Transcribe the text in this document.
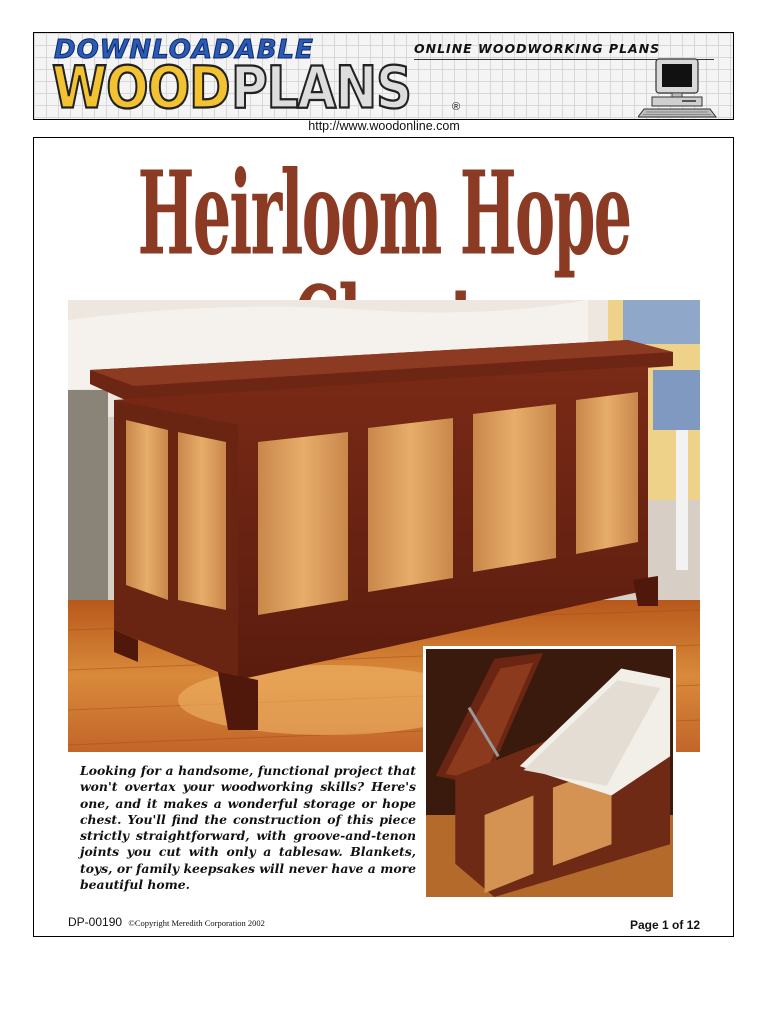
DOWNLOADABLE	ONLINE WOODWORKING PLANS
WOOD PLANS	®
http://www.woodonline.com
Heirloom Hope
Looking for a handsome, functional project that won't overtax your woodworking skills? Here's one, and it makes a wonderful storage or hope chest. You'll find the construction of this piece strictly straightforward, with groove-and-tenon joints you cut with only a tablesaw. Blankets, toys, or family keepsakes will never have a more beautiful home.
DP-00190 ©Copyright Meredith Corporation 2002	Page 1 of 12
